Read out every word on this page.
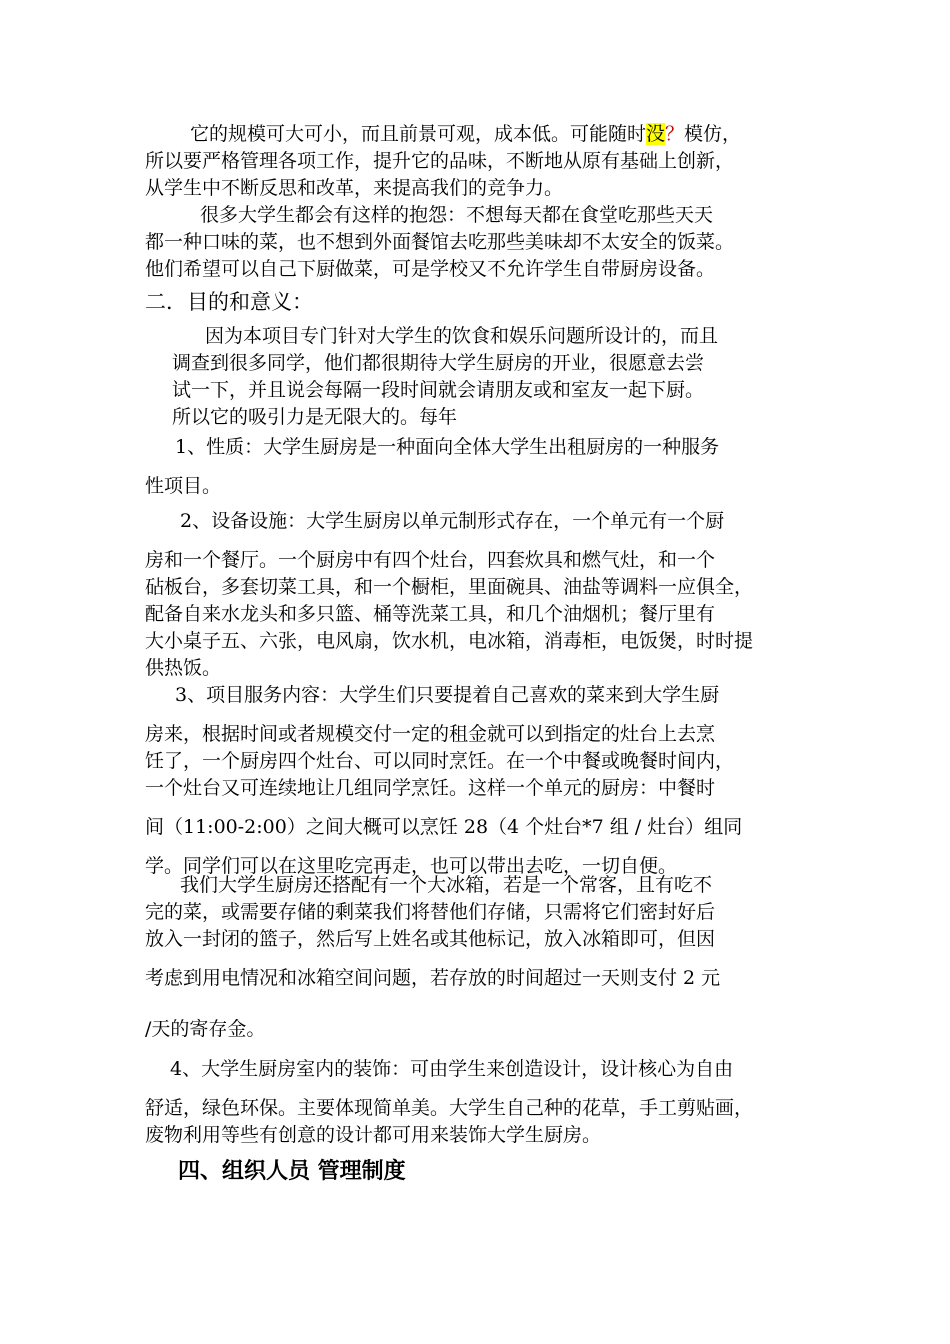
它的规模可大可小，而且前景可观，成本低。可能随时没？模仿，
所以要严格管理各项工作，提升它的品味，不断地从原有基础上创新，
从学生中不断反思和改革，来提高我们的竞争力。
很多大学生都会有这样的抱怨：不想每天都在食堂吃那些天天
都一种口味的菜，也不想到外面餐馆去吃那些美味却不太安全的饭菜。
他们希望可以自己下厨做菜，可是学校又不允许学生自带厨房设备。
二．目的和意义：
因为本项目专门针对大学生的饮食和娱乐问题所设计的，而且
调查到很多同学，他们都很期待大学生厨房的开业，很愿意去尝
试一下，并且说会每隔一段时间就会请朋友或和室友一起下厨。
所以它的吸引力是无限大的。每年
1、性质：大学生厨房是一种面向全体大学生出租厨房的一种服务
性项目。
2、设备设施：大学生厨房以单元制形式存在，一个单元有一个厨
房和一个餐厅。一个厨房中有四个灶台，四套炊具和燃气灶，和一个
砧板台，多套切菜工具，和一个橱柜，里面碗具、油盐等调料一应俱全，
配备自来水龙头和多只篮、桶等洗菜工具，和几个油烟机；餐厅里有
大小桌子五、六张，电风扇，饮水机，电冰箱，消毒柜，电饭煲，时时提
供热饭。
3、项目服务内容：大学生们只要提着自己喜欢的菜来到大学生厨
房来，根据时间或者规模交付一定的租金就可以到指定的灶台上去烹
饪了，一个厨房四个灶台、可以同时烹饪。在一个中餐或晚餐时间内，
一个灶台又可连续地让几组同学烹饪。这样一个单元的厨房：中餐时
间（11:00-2:00）之间大概可以烹饪 28（4 个灶台*7 组 / 灶台）组同
学。同学们可以在这里吃完再走，也可以带出去吃，一切自便。
我们大学生厨房还搭配有一个大冰箱，若是一个常客，且有吃不
完的菜，或需要存储的剩菜我们将替他们存储，只需将它们密封好后
放入一封闭的篮子，然后写上姓名或其他标记，放入冰箱即可，但因
考虑到用电情况和冰箱空间问题，若存放的时间超过一天则支付 2 元
/天的寄存金。
4、大学生厨房室内的装饰：可由学生来创造设计，设计核心为自由
舒适，绿色环保。主要体现简单美。大学生自己种的花草，手工剪贴画，
废物利用等些有创意的设计都可用来装饰大学生厨房。
四、组织人员 管理制度
